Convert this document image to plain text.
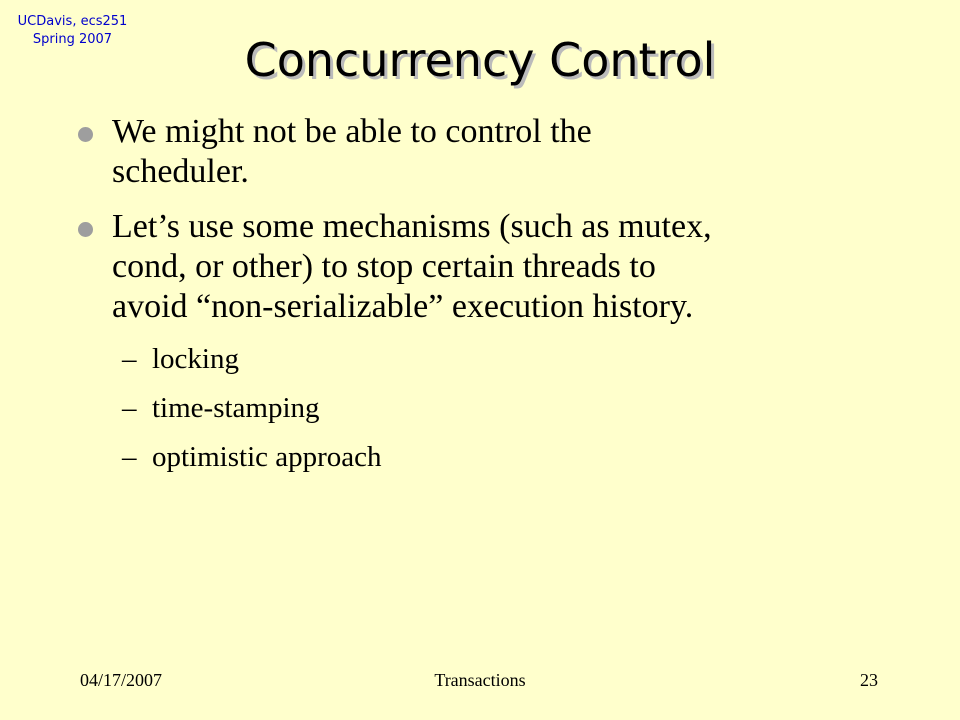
UCDavis, ecs251
Spring 2007	Concurrency Control
We might not be able to control the
scheduler.
Let’s use some mechanisms (such as mutex,
cond, or other) to stop certain threads to
avoid “non-serializable” execution history.
– locking
– time-stamping
– optimistic approach
04/17/2007	Transactions	23
